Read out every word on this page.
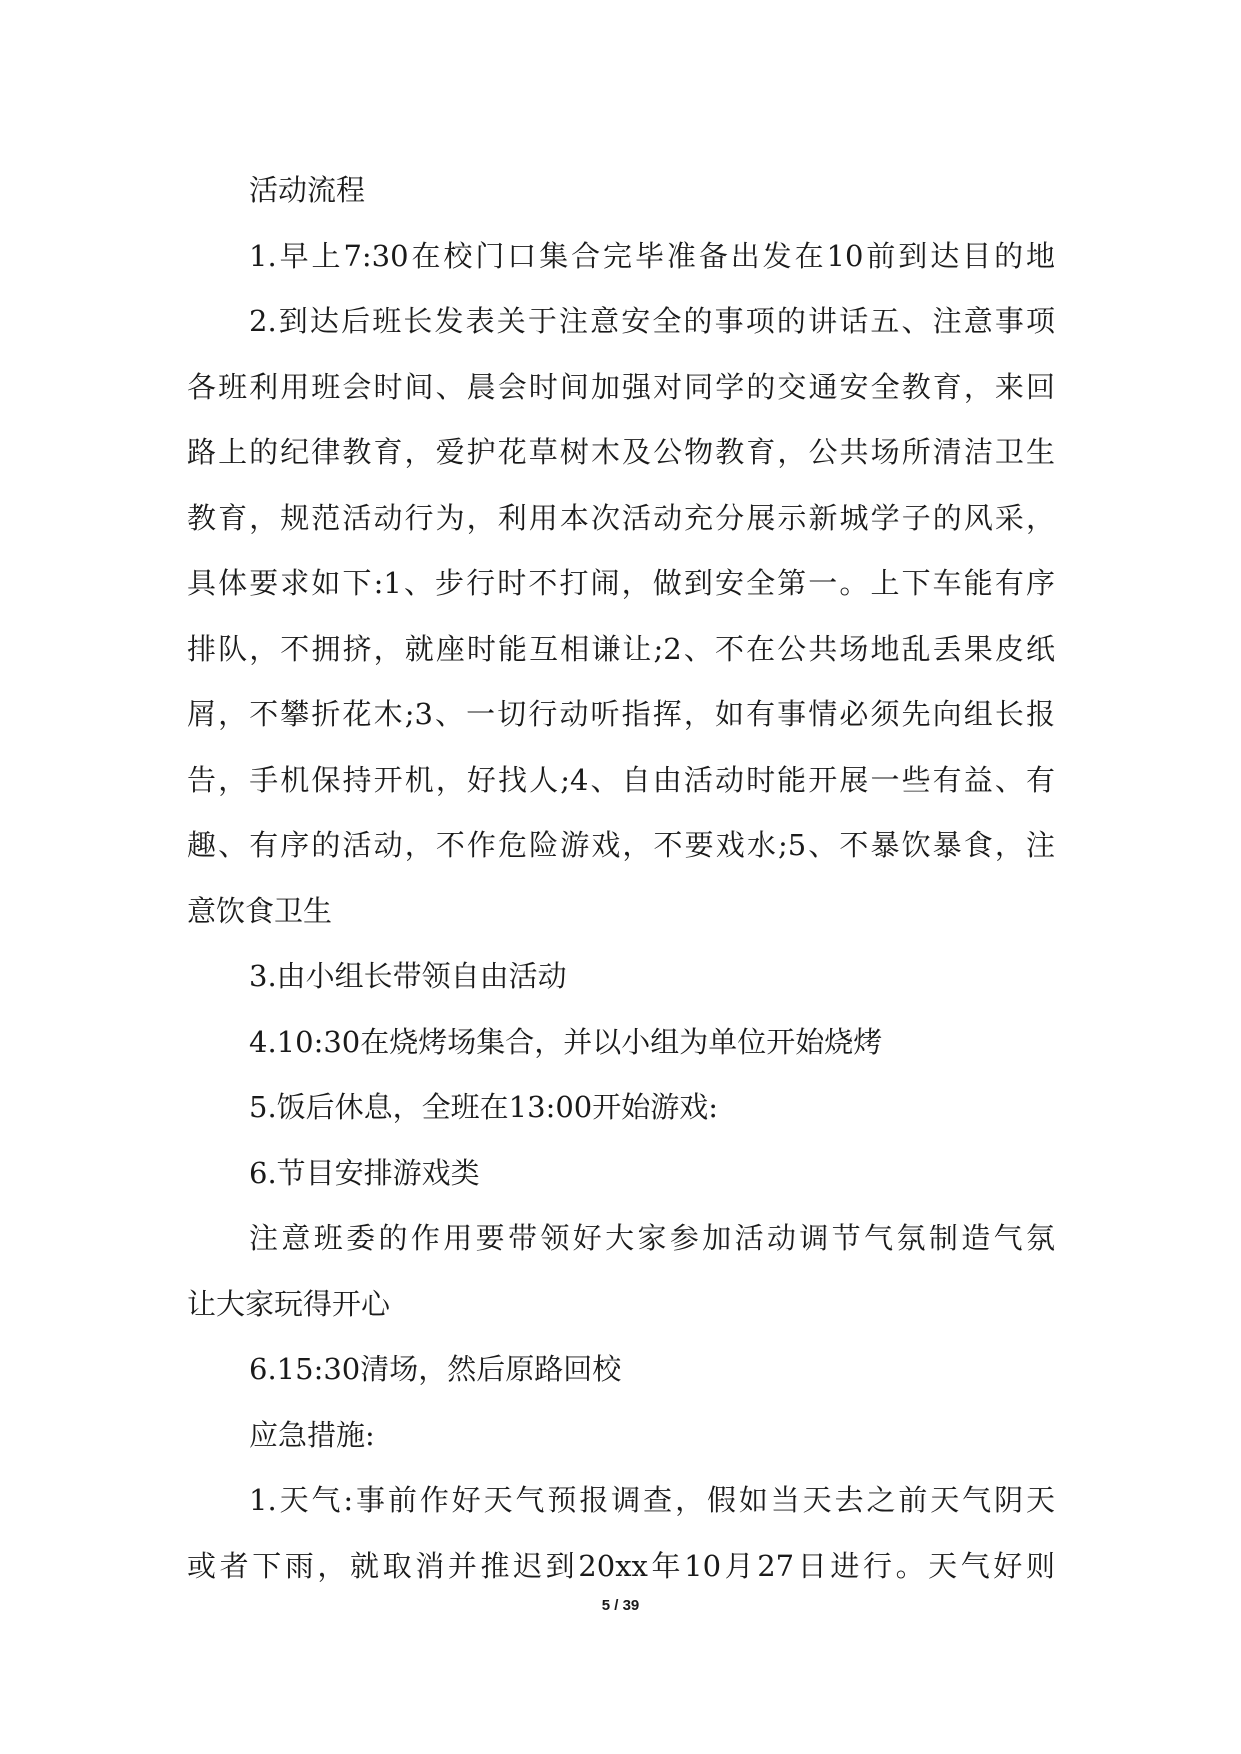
活动流程
1.早上7:30在校门口集合完毕准备出发在10前到达目的地
2.到达后班长发表关于注意安全的事项的讲话五、注意事项
各班利用班会时间、晨会时间加强对同学的交通安全教育，来回
路上的纪律教育，爱护花草树木及公物教育，公共场所清洁卫生
教育，规范活动行为，利用本次活动充分展示新城学子的风采，
具体要求如下:1、步行时不打闹，做到安全第一。上下车能有序
排队，不拥挤，就座时能互相谦让;2、不在公共场地乱丢果皮纸
屑，不攀折花木;3、一切行动听指挥，如有事情必须先向组长报
告，手机保持开机，好找人;4、自由活动时能开展一些有益、有
趣、有序的活动，不作危险游戏，不要戏水;5、不暴饮暴食，注
意饮食卫生
3.由小组长带领自由活动
4.10:30在烧烤场集合，并以小组为单位开始烧烤
5.饭后休息，全班在13:00开始游戏:
6.节目安排游戏类
注意班委的作用要带领好大家参加活动调节气氛制造气氛
让大家玩得开心
6.15:30清场，然后原路回校
应急措施:
1.天气:事前作好天气预报调查，假如当天去之前天气阴天
或者下雨，就取消并推迟到20xx年10月27日进行。天气好则
5 / 39
